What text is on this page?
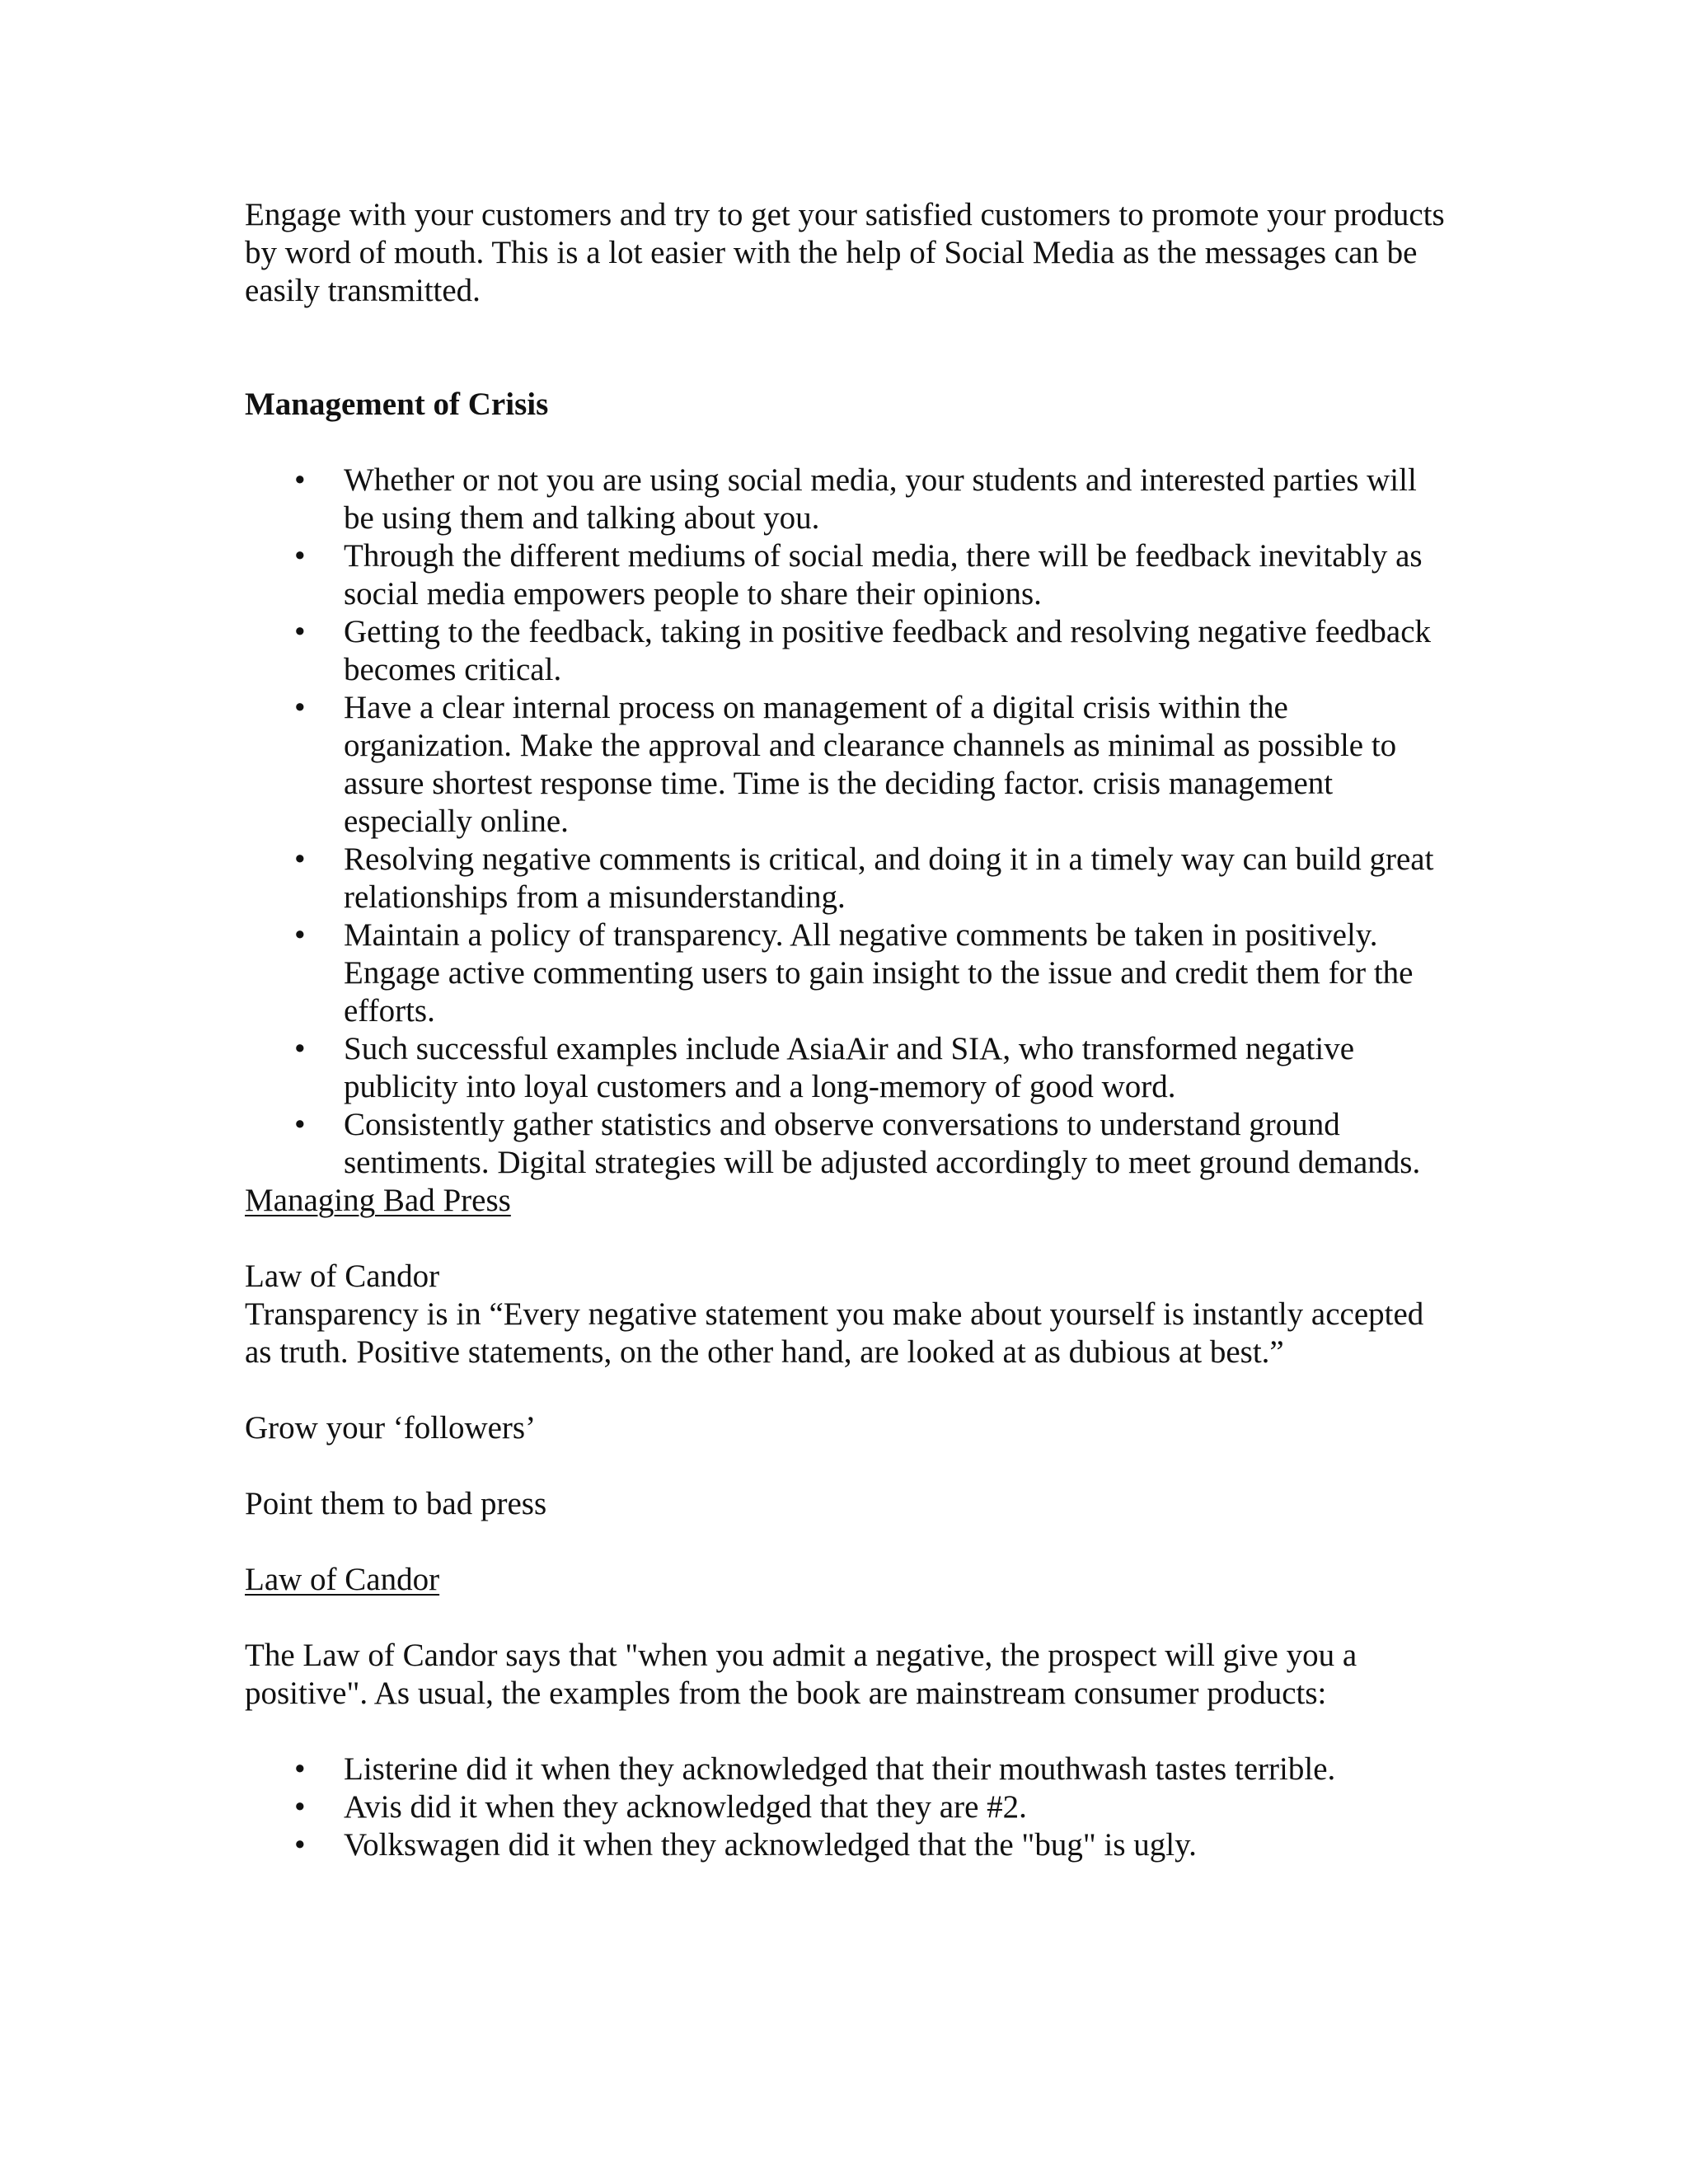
Engage with your customers and try to get your satisfied customers to promote your products by word of mouth. This is a lot easier with the help of Social Media as the messages can be easily transmitted.

Management of Crisis

•	Whether or not you are using social media, your students and interested parties will be using them and talking about you.
•	Through the different mediums of social media, there will be feedback inevitably as social media empowers people to share their opinions.
•	Getting to the feedback, taking in positive feedback and resolving negative feedback becomes critical.
•	Have a clear internal process on management of a digital crisis within the organization. Make the approval and clearance channels as minimal as possible to assure shortest response time. Time is the deciding factor. crisis management especially online.
•	Resolving negative comments is critical, and doing it in a timely way can build great relationships from a misunderstanding.
•	Maintain a policy of transparency. All negative comments be taken in positively. Engage active commenting users to gain insight to the issue and credit them for the efforts.
•	Such successful examples include AsiaAir and SIA, who transformed negative publicity into loyal customers and a long-memory of good word.
•	Consistently gather statistics and observe conversations to understand ground sentiments. Digital strategies will be adjusted accordingly to meet ground demands.

Managing Bad Press

Law of Candor

Transparency is in “Every negative statement you make about yourself is instantly accepted as truth. Positive statements, on the other hand, are looked at as dubious at best.”

Grow your ‘followers’

Point them to bad press

Law of Candor

The Law of Candor says that "when you admit a negative, the prospect will give you a positive". As usual, the examples from the book are mainstream consumer products:

•	Listerine did it when they acknowledged that their mouthwash tastes terrible.
•	Avis did it when they acknowledged that they are #2.
•	Volkswagen did it when they acknowledged that the "bug" is ugly.
